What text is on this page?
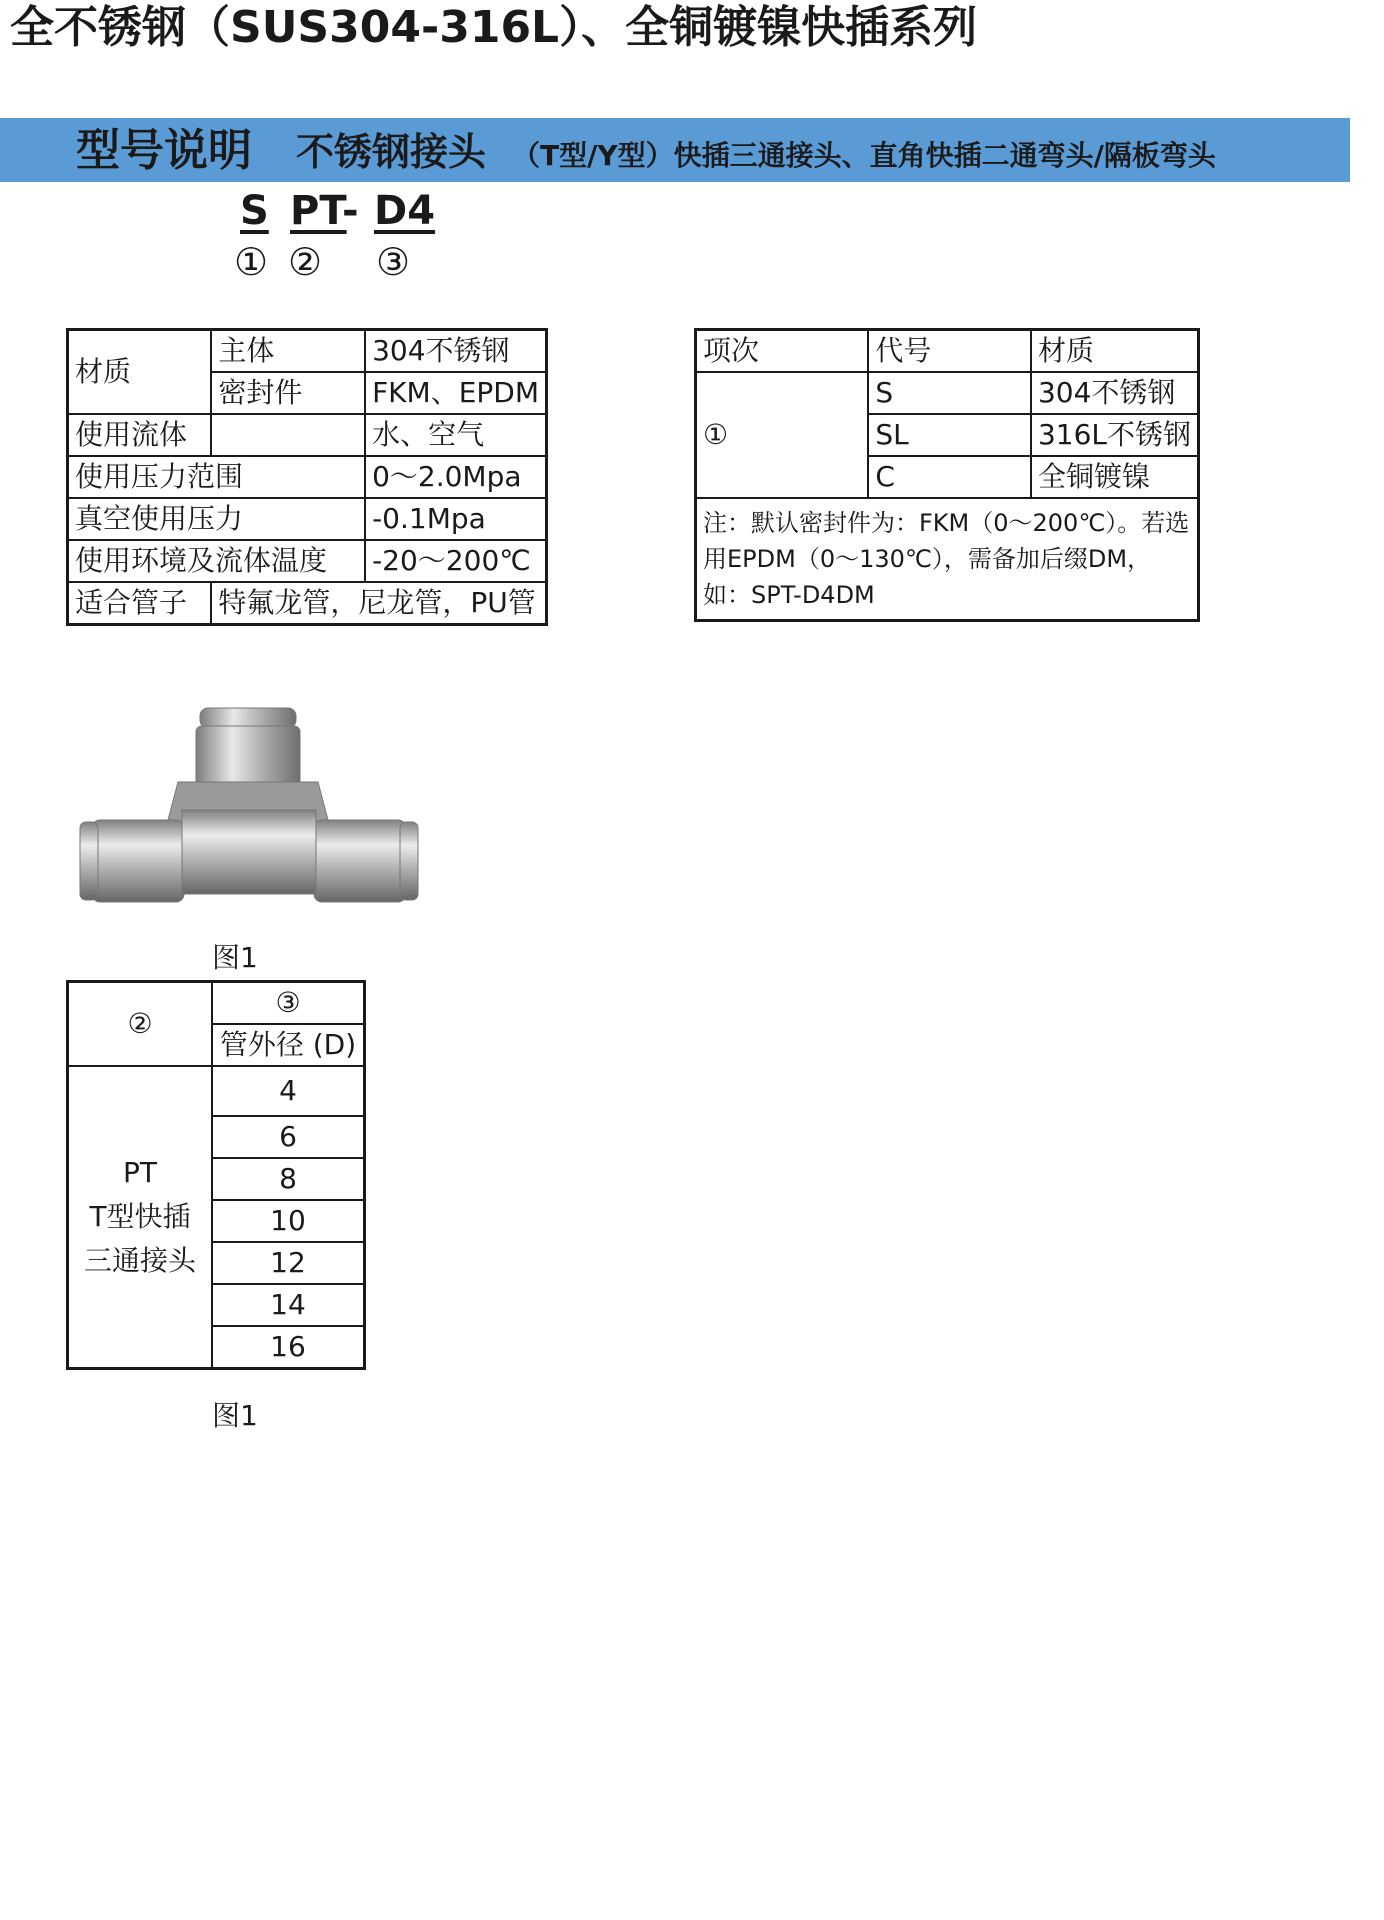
全不锈钢（SUS304-316L）、全铜镀镍快插系列
型号说明 不锈钢接头 （T型/Y型）快插三通接头、直角快插二通弯头/隔板弯头
S PT
- D4
① ② ③
材质	主体	304不锈钢
	密封件	FKM、EPDM
使用流体		水、空气
使用压力范围		0～2.0Mpa
真空使用压力		-0.1Mpa
使用环境及流体温度		-20～200℃
适合管子	特氟龙管，尼龙管，PU管	
项次	代号	材质
①	S	304不锈钢
	SL	316L不锈钢
	C	全铜镀镍
注：默认密封件为：FKM（0～200℃）。若选用EPDM（0～130℃），需备加后缀DM，如：SPT-D4DM		
图1
②	③
	管外径 (D)

PT
T型快插
三通接头	4
	6
	8
	10
	12
	14
	16
图1
